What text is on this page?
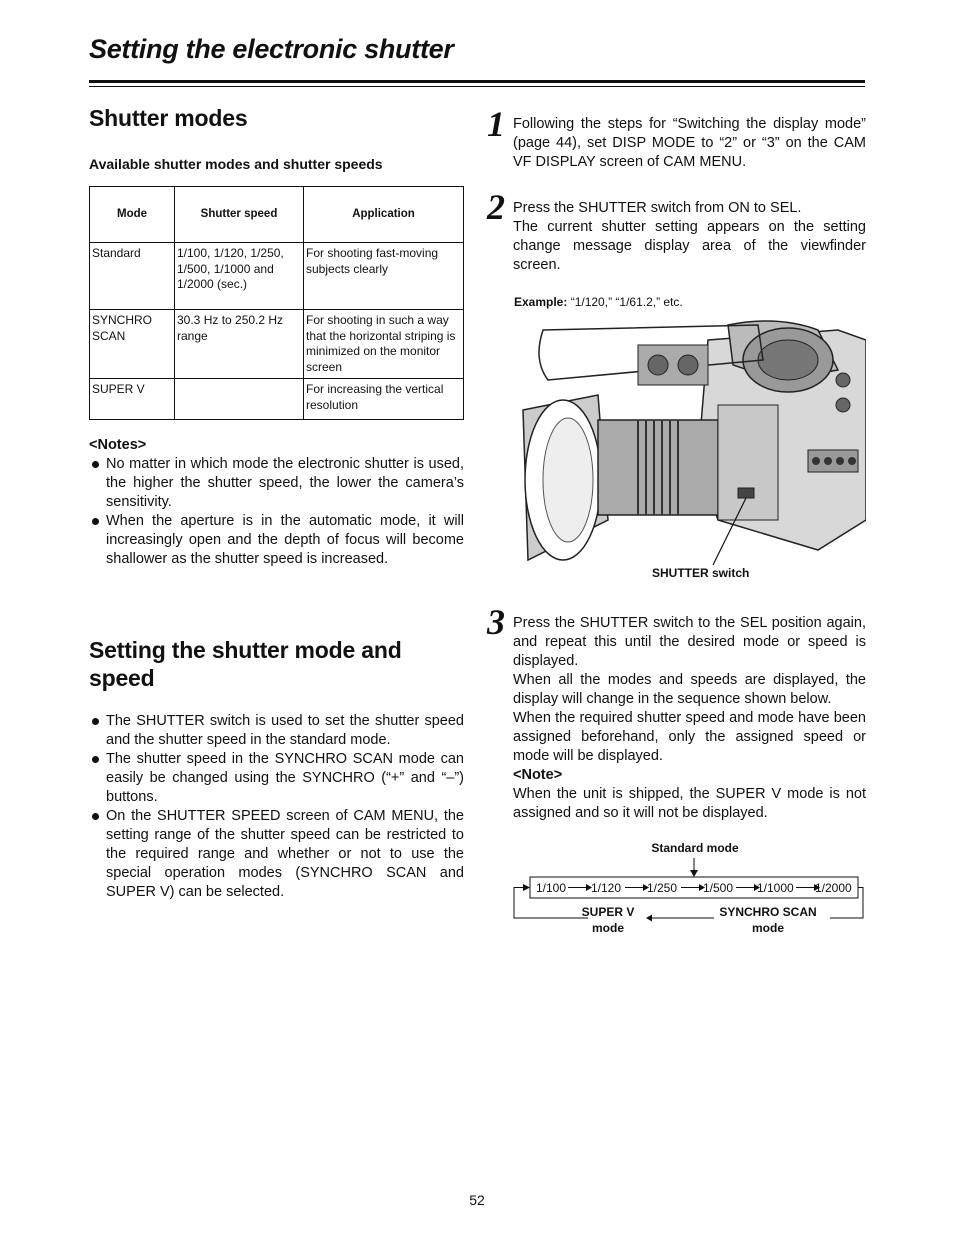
Setting the electronic shutter
Shutter modes
Available shutter modes and shutter speeds
Mode	Shutter speed	Application
Standard	1/100, 1/120, 1/250, 1/500, 1/1000 and 1/2000 (sec.)	For shooting fast-moving subjects clearly
SYNCHRO SCAN	30.3 Hz to 250.2 Hz range	For shooting in such a way that the horizontal striping is minimized on the monitor screen
SUPER V		For increasing the vertical resolution
<Notes>

No matter in which mode the electronic shutter is used, the higher the shutter speed, the lower the camera’s sensitivity.

When the aperture is in the automatic mode, it will increasingly open and the depth of focus will become shallower as the shutter speed is increased.

Setting the shutter mode and speed

The SHUTTER switch is used to set the shutter speed and the shutter speed in the standard mode.

The shutter speed in the SYNCHRO SCAN mode can easily be changed using the SYNCHRO (“+” and “–”) buttons.

On the SHUTTER SPEED screen of CAM MENU, the setting range of the shutter speed can be restricted to the required range and whether or not to use the special operation modes (SYNCHRO SCAN and SUPER V) can be selected.

1 Following the steps for “Switching the display mode” (page 44), set DISP MODE to “2” or “3” on the CAM VF DISPLAY screen of CAM MENU.
2 Press the SHUTTER switch from ON to SEL.
The current shutter setting appears on the setting change message display area of the viewfinder screen.
Example: “1/120,” “1/61.2,” etc.
SHUTTER switch
3 Press the SHUTTER switch to the SEL position again, and repeat this until the desired mode or speed is displayed.
When all the modes and speeds are displayed, the display will change in the sequence shown below.
When the required shutter speed and mode have been assigned beforehand, only the assigned speed or mode will be displayed.
<Note>
When the unit is shipped, the SUPER V mode is not assigned and so it will not be displayed.
Standard mode
1/100 1/120 1/250 1/500 1/1000 1/2000
SUPER V
mode
SYNCHRO SCAN
mode
52
